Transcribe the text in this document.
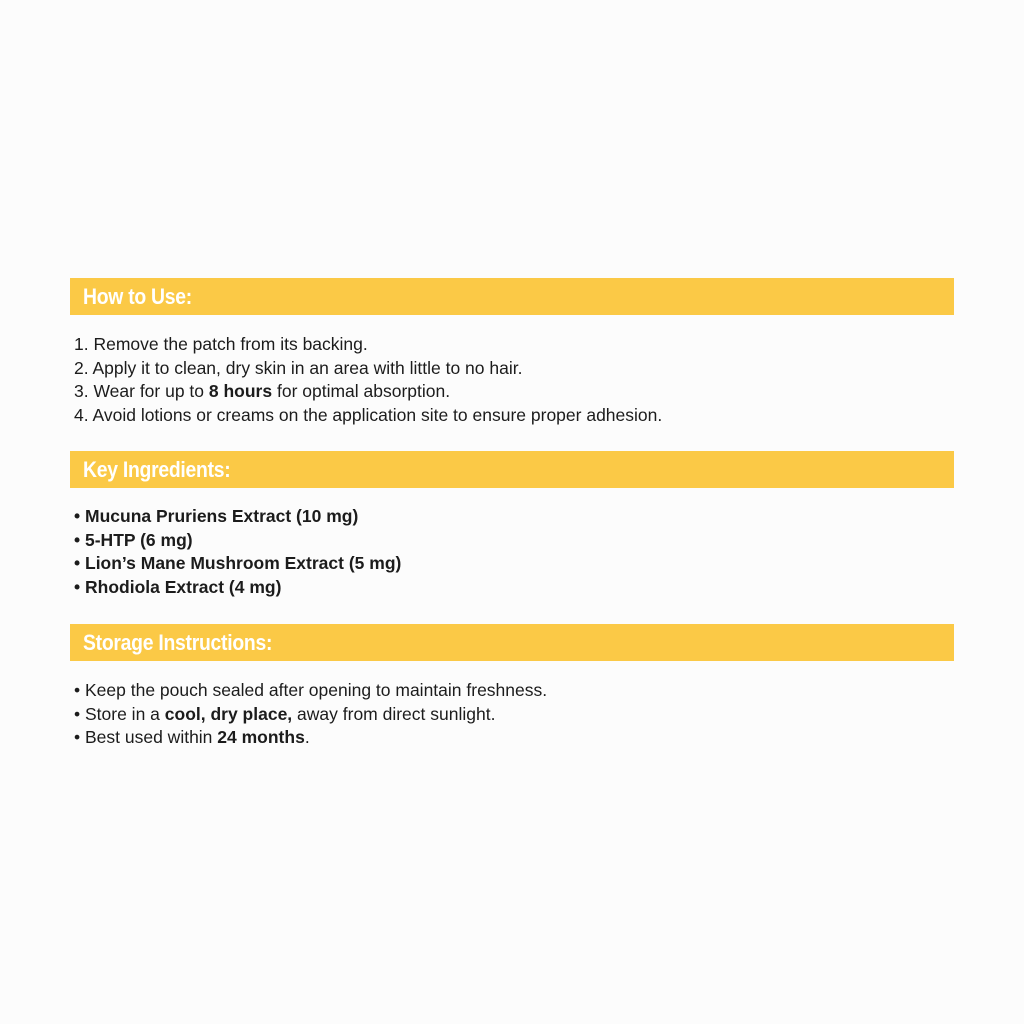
How to Use:
1. Remove the patch from its backing.
2. Apply it to clean, dry skin in an area with little to no hair.
3. Wear for up to 8 hours for optimal absorption.
4. Avoid lotions or creams on the application site to ensure proper adhesion.
Key Ingredients:
• Mucuna Pruriens Extract (10 mg)
• 5-HTP (6 mg)
• Lion’s Mane Mushroom Extract (5 mg)
• Rhodiola Extract (4 mg)
Storage Instructions:
• Keep the pouch sealed after opening to maintain freshness.
• Store in a cool, dry place, away from direct sunlight.
• Best used within 24 months.
